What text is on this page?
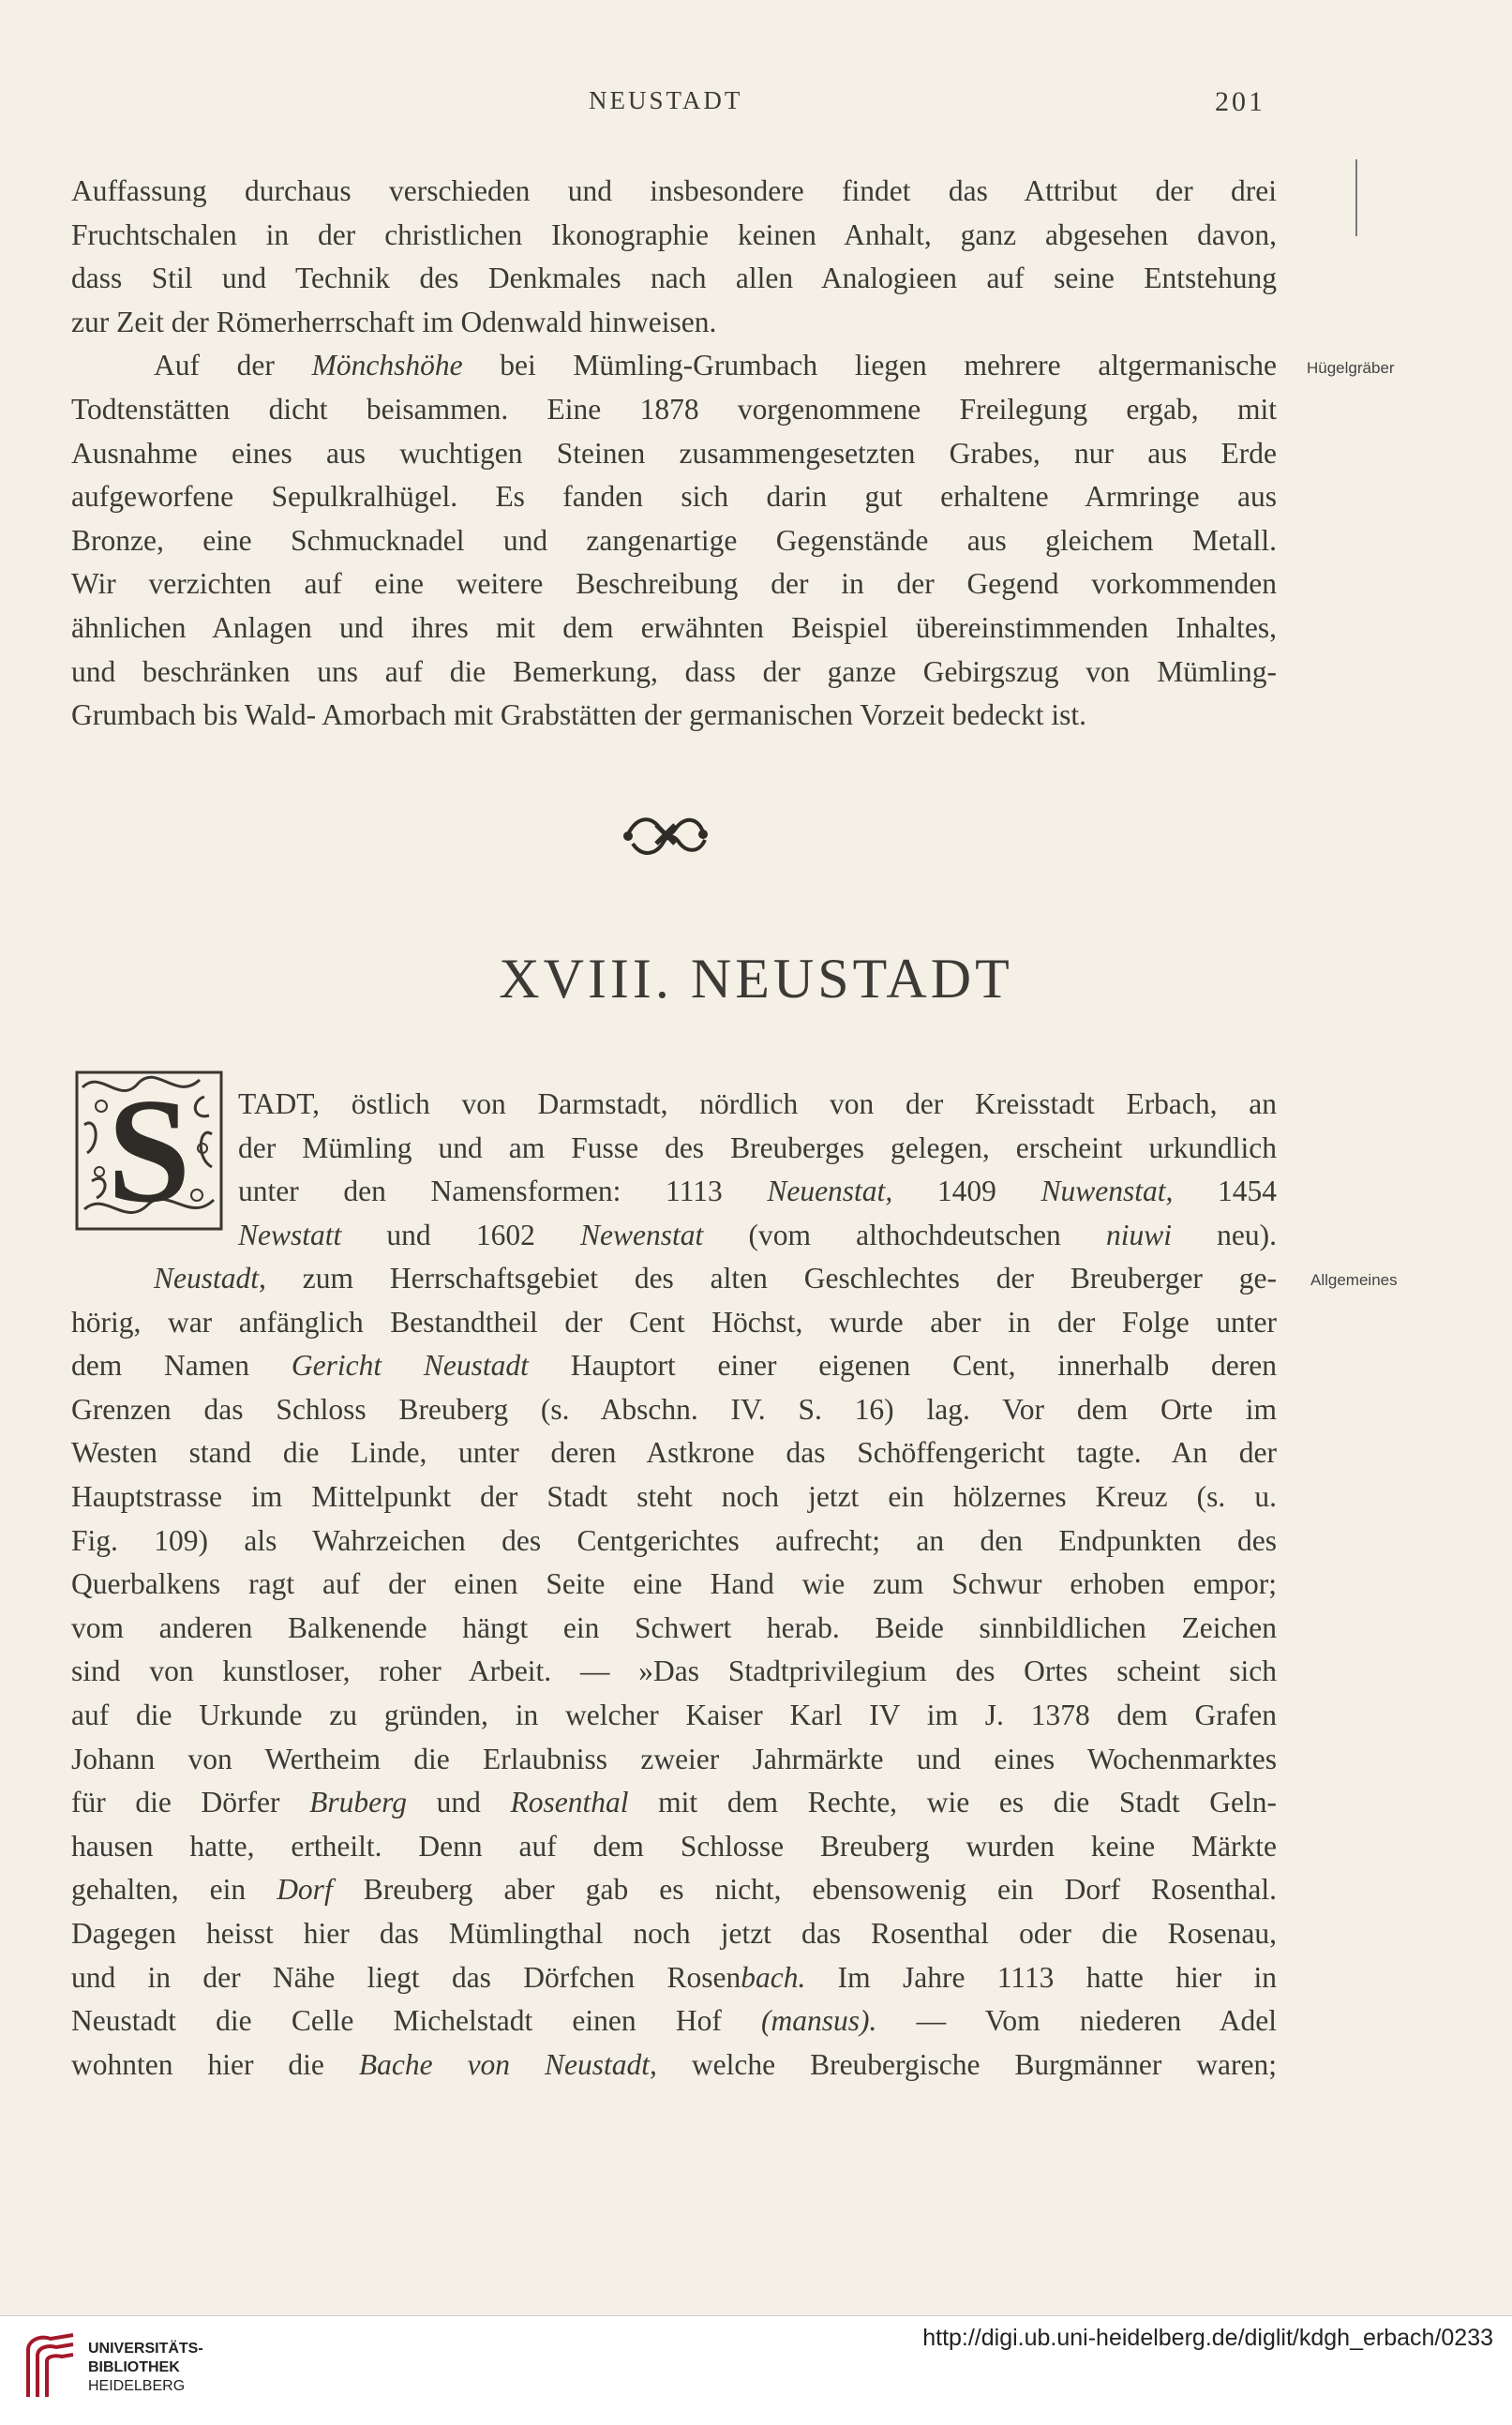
NEUSTADT	201
Auffassung durchaus verschieden und insbesondere findet das Attribut der drei
Fruchtschalen in der christlichen Ikonographie keinen Anhalt, ganz abgesehen davon,
dass Stil und Technik des Denkmales nach allen Analogieen auf seine Entstehung
zur Zeit der Römerherrschaft im Odenwald hinweisen.
Auf der Mönchshöhe bei Mümling-Grumbach liegen mehrere altgermanische
Todtenstätten dicht beisammen. Eine 1878 vorgenommene Freilegung ergab, mit
Ausnahme eines aus wuchtigen Steinen zusammengesetzten Grabes, nur aus Erde
aufgeworfene Sepulkralhügel. Es fanden sich darin gut erhaltene Armringe aus
Bronze, eine Schmucknadel und zangenartige Gegenstände aus gleichem Metall.
Wir verzichten auf eine weitere Beschreibung der in der Gegend vorkommenden
ähnlichen Anlagen und ihres mit dem erwähnten Beispiel übereinstimmenden Inhaltes,
und beschränken uns auf die Bemerkung, dass der ganze Gebirgszug von Mümling-
Grumbach bis Wald- Amorbach mit Grabstätten der germanischen Vorzeit bedeckt ist.
Hügelgräber
XVIII. NEUSTADT
S	TADT, östlich von Darmstadt, nördlich von der Kreisstadt Erbach, an
der Mümling und am Fusse des Breuberges gelegen, erscheint urkundlich
unter den Namensformen: 1113 Neuenstat, 1409 Nuwenstat, 1454
Newstatt und 1602 Newenstat (vom althochdeutschen niuwi neu).
Neustadt, zum Herrschaftsgebiet des alten Geschlechtes der Breuberger ge-
hörig, war anfänglich Bestandtheil der Cent Höchst, wurde aber in der Folge unter
dem Namen Gericht Neustadt Hauptort einer eigenen Cent, innerhalb deren
Grenzen das Schloss Breuberg (s. Abschn. IV. S. 16) lag. Vor dem Orte im
Westen stand die Linde, unter deren Astkrone das Schöffengericht tagte. An der
Hauptstrasse im Mittelpunkt der Stadt steht noch jetzt ein hölzernes Kreuz (s. u.
Fig. 109) als Wahrzeichen des Centgerichtes aufrecht; an den Endpunkten des
Querbalkens ragt auf der einen Seite eine Hand wie zum Schwur erhoben empor;
vom anderen Balkenende hängt ein Schwert herab. Beide sinnbildlichen Zeichen
sind von kunstloser, roher Arbeit. — »Das Stadtprivilegium des Ortes scheint sich
auf die Urkunde zu gründen, in welcher Kaiser Karl IV im J. 1378 dem Grafen
Johann von Wertheim die Erlaubniss zweier Jahrmärkte und eines Wochenmarktes
für die Dörfer Bruberg und Rosenthal mit dem Rechte, wie es die Stadt Geln-
hausen hatte, ertheilt. Denn auf dem Schlosse Breuberg wurden keine Märkte
gehalten, ein Dorf Breuberg aber gab es nicht, ebensowenig ein Dorf Rosenthal.
Dagegen heisst hier das Mümlingthal noch jetzt das Rosenthal oder die Rosenau,
und in der Nähe liegt das Dörfchen Rosenbach. Im Jahre 1113 hatte hier in
Neustadt die Celle Michelstadt einen Hof (mansus). — Vom niederen Adel
wohnten hier die Bache von Neustadt, welche Breubergische Burgmänner waren;
Allgemeines
UNIVERSITÄTS-
BIBLIOTHEK
HEIDELBERG
http://digi.ub.uni-heidelberg.de/diglit/kdgh_erbach/0233
